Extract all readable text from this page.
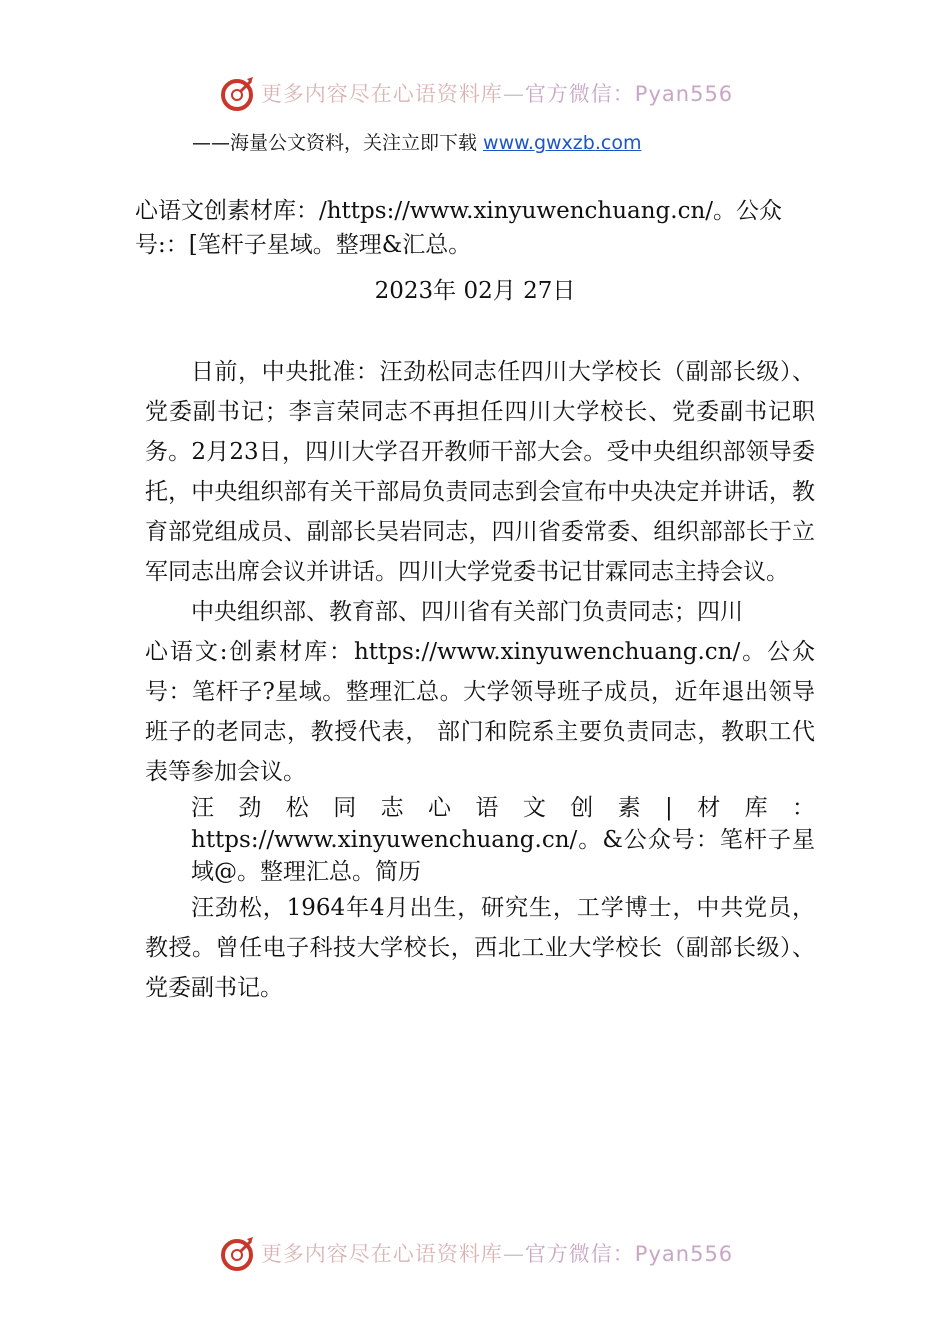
更多内容尽在心语资料库—官方微信：Pyan556
——海量公文资料，关注立即下载 www.gwxzb.com

心语文创素材库：/https://www.xinyuwenchuang.cn/。公众号:：[笔杆子星域。整理&汇总。

2023年 02月 27日

日前，中央批准：汪劲松同志任四川大学校长（副部长级）、党委副书记；李言荣同志不再担任四川大学校长、党委副书记职务。2月23日，四川大学召开教师干部大会。受中央组织部领导委托，中央组织部有关干部局负责同志到会宣布中央决定并讲话，教育部党组成员、副部长吴岩同志，四川省委常委、组织部部长于立军同志出席会议并讲话。四川大学党委书记甘霖同志主持会议。

中央组织部、教育部、四川省有关部门负责同志；四川

心语文:创素材库：https://www.xinyuwenchuang.cn/。公众号：笔杆子?星域。整理汇总。大学领导班子成员，近年退出领导班子的老同志，教授代表， 部门和院系主要负责同志，教职工代表等参加会议。

汪劲松同志心语文创素|材库：https://www.xinyuwenchuang.cn/。&公众号：笔杆子星域@。整理汇总。简历

汪劲松，1964年4月出生，研究生，工学博士，中共党员，教授。曾任电子科技大学校长，西北工业大学校长（副部长级）、党委副书记。

更多内容尽在心语资料库—官方微信：Pyan556
